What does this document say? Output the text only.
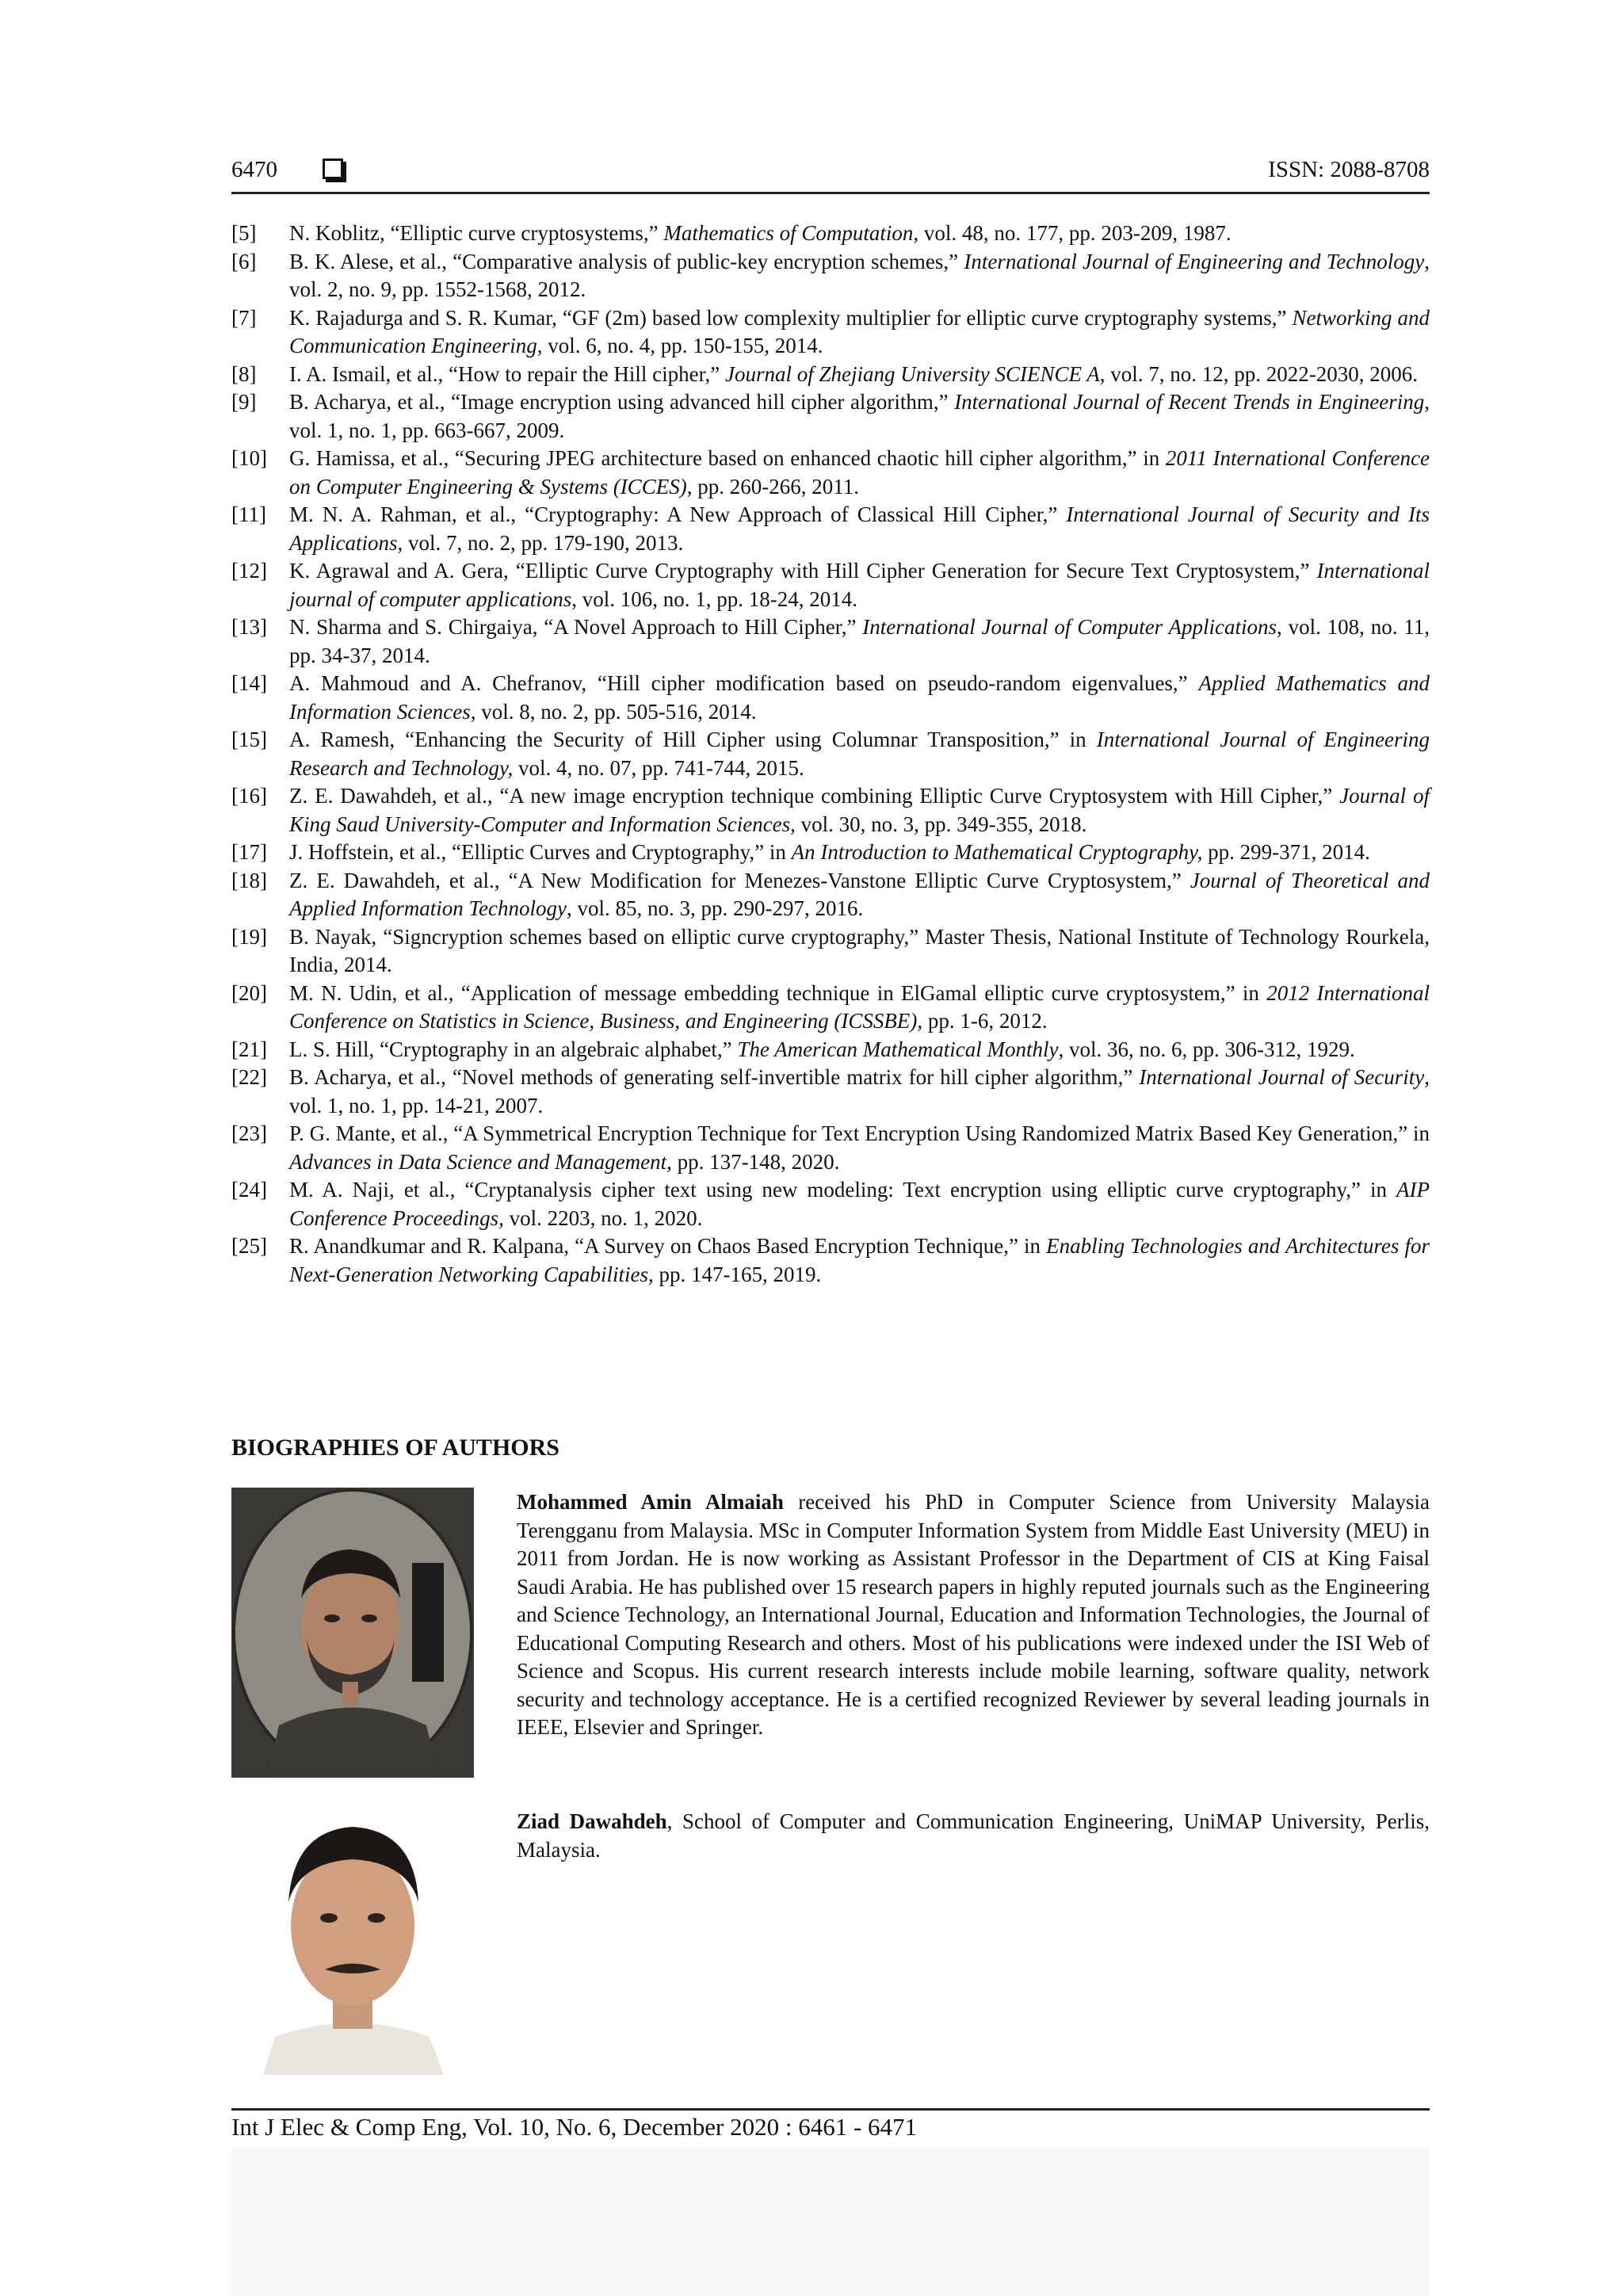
6470	ISSN: 2088-8708
[5]	N. Koblitz, “Elliptic curve cryptosystems,” Mathematics of Computation, vol. 48, no. 177, pp. 203-209, 1987.
[6]	B. K. Alese, et al., “Comparative analysis of public-key encryption schemes,” International Journal of Engineering and Technology, vol. 2, no. 9, pp. 1552-1568, 2012.
[7]	K. Rajadurga and S. R. Kumar, “GF (2m) based low complexity multiplier for elliptic curve cryptography systems,” Networking and Communication Engineering, vol. 6, no. 4, pp. 150-155, 2014.
[8]	I. A. Ismail, et al., “How to repair the Hill cipher,” Journal of Zhejiang University SCIENCE A, vol. 7, no. 12, pp. 2022-2030, 2006.
[9]	B. Acharya, et al., “Image encryption using advanced hill cipher algorithm,” International Journal of Recent Trends in Engineering, vol. 1, no. 1, pp. 663-667, 2009.
[10]	G. Hamissa, et al., “Securing JPEG architecture based on enhanced chaotic hill cipher algorithm,” in 2011 International Conference on Computer Engineering & Systems (ICCES), pp. 260-266, 2011.
[11]	M. N. A. Rahman, et al., “Cryptography: A New Approach of Classical Hill Cipher,” International Journal of Security and Its Applications, vol. 7, no. 2, pp. 179-190, 2013.
[12]	K. Agrawal and A. Gera, “Elliptic Curve Cryptography with Hill Cipher Generation for Secure Text Cryptosystem,” International journal of computer applications, vol. 106, no. 1, pp. 18-24, 2014.
[13]	N. Sharma and S. Chirgaiya, “A Novel Approach to Hill Cipher,” International Journal of Computer Applications, vol. 108, no. 11, pp. 34-37, 2014.
[14]	A. Mahmoud and A. Chefranov, “Hill cipher modification based on pseudo-random eigenvalues,” Applied Mathematics and Information Sciences, vol. 8, no. 2, pp. 505-516, 2014.
[15]	A. Ramesh, “Enhancing the Security of Hill Cipher using Columnar Transposition,” in International Journal of Engineering Research and Technology, vol. 4, no. 07, pp. 741-744, 2015.
[16]	Z. E. Dawahdeh, et al., “A new image encryption technique combining Elliptic Curve Cryptosystem with Hill Cipher,” Journal of King Saud University-Computer and Information Sciences, vol. 30, no. 3, pp. 349-355, 2018.
[17]	J. Hoffstein, et al., “Elliptic Curves and Cryptography,” in An Introduction to Mathematical Cryptography, pp. 299-371, 2014.
[18]	Z. E. Dawahdeh, et al., “A New Modification for Menezes-Vanstone Elliptic Curve Cryptosystem,” Journal of Theoretical and Applied Information Technology, vol. 85, no. 3, pp. 290-297, 2016.
[19]	B. Nayak, “Signcryption schemes based on elliptic curve cryptography,” Master Thesis, National Institute of Technology Rourkela, India, 2014.
[20]	M. N. Udin, et al., “Application of message embedding technique in ElGamal elliptic curve cryptosystem,” in 2012 International Conference on Statistics in Science, Business, and Engineering (ICSSBE), pp. 1-6, 2012.
[21]	L. S. Hill, “Cryptography in an algebraic alphabet,” The American Mathematical Monthly, vol. 36, no. 6, pp. 306-312, 1929.
[22]	B. Acharya, et al., “Novel methods of generating self-invertible matrix for hill cipher algorithm,” International Journal of Security, vol. 1, no. 1, pp. 14-21, 2007.
[23]	P. G. Mante, et al., “A Symmetrical Encryption Technique for Text Encryption Using Randomized Matrix Based Key Generation,” in Advances in Data Science and Management, pp. 137-148, 2020.
[24]	M. A. Naji, et al., “Cryptanalysis cipher text using new modeling: Text encryption using elliptic curve cryptography,” in AIP Conference Proceedings, vol. 2203, no. 1, 2020.
[25]	R. Anandkumar and R. Kalpana, “A Survey on Chaos Based Encryption Technique,” in Enabling Technologies and Architectures for Next-Generation Networking Capabilities, pp. 147-165, 2019.
BIOGRAPHIES OF AUTHORS
Mohammed Amin Almaiah received his PhD in Computer Science from University Malaysia Terengganu from Malaysia. MSc in Computer Information System from Middle East University (MEU) in 2011 from Jordan. He is now working as Assistant Professor in the Department of CIS at King Faisal Saudi Arabia. He has published over 15 research papers in highly reputed journals such as the Engineering and Science Technology, an International Journal, Education and Information Technologies, the Journal of Educational Computing Research and others. Most of his publications were indexed under the ISI Web of Science and Scopus. His current research interests include mobile learning, software quality, network security and technology acceptance. He is a certified recognized Reviewer by several leading journals in IEEE, Elsevier and Springer.
Ziad Dawahdeh, School of Computer and Communication Engineering, UniMAP University, Perlis, Malaysia.
Int J Elec & Comp Eng, Vol. 10, No. 6, December 2020 : 6461 - 6471
